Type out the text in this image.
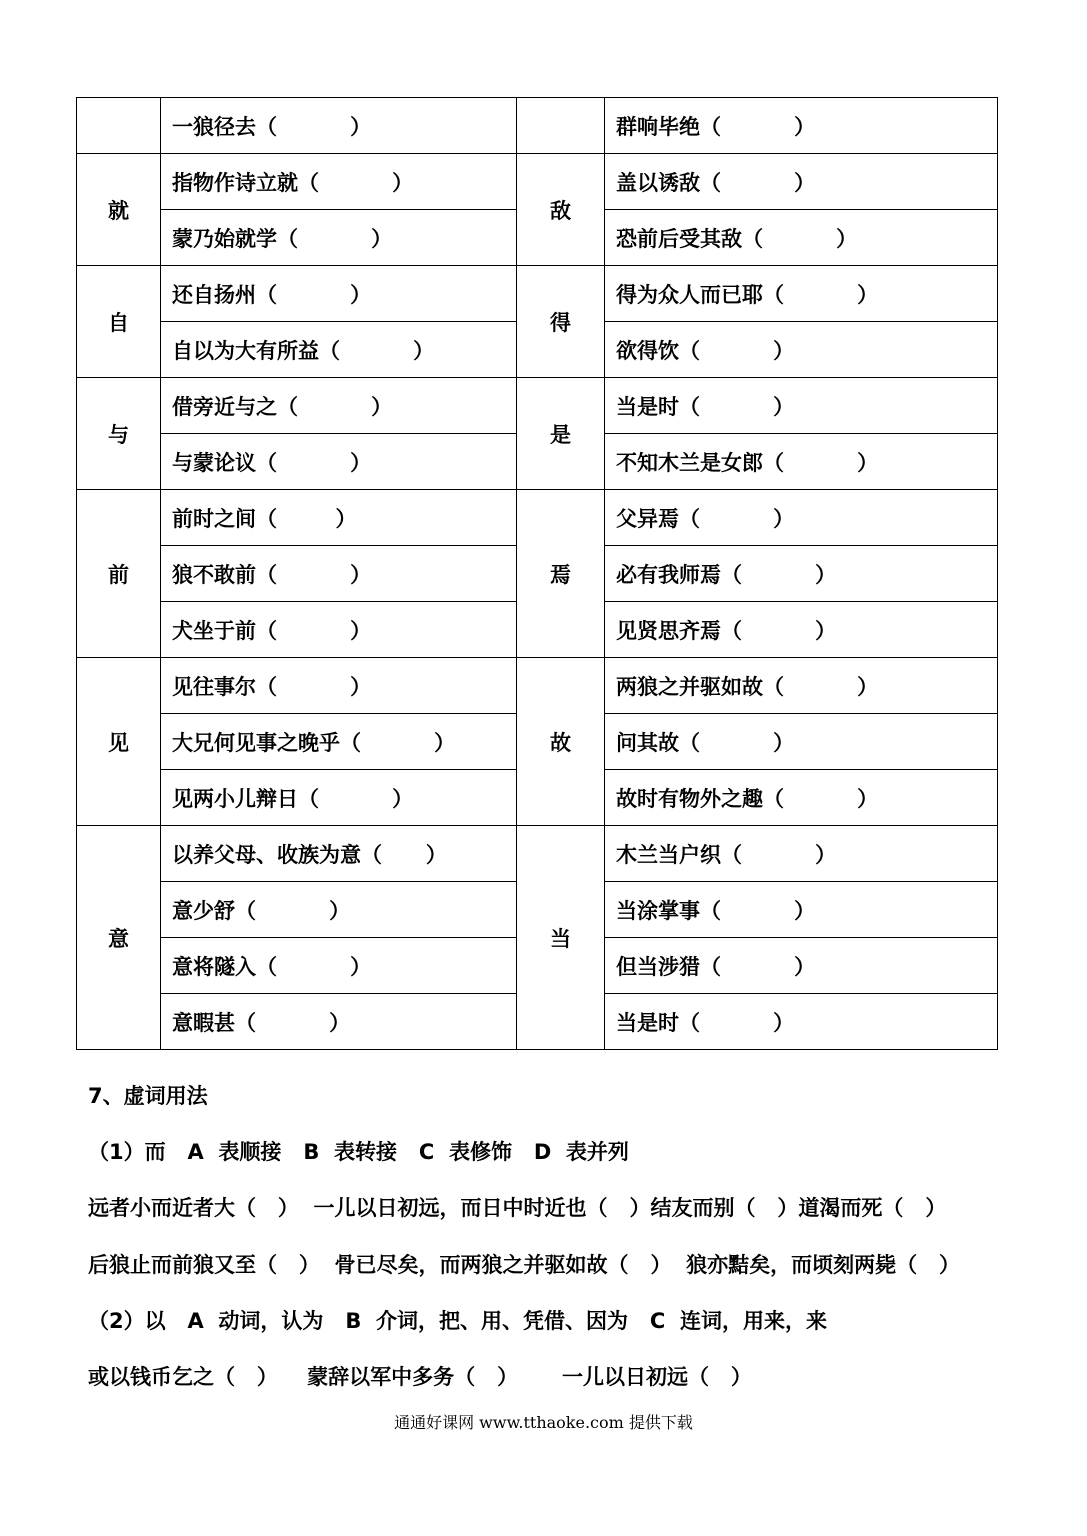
	一狼径去（          ）		群响毕绝（          ）
就	指物作诗立就（          ）	敌	盖以诱敌（          ）
	蒙乃始就学（          ）		恐前后受其敌（          ）
自	还自扬州（          ）	得	得为众人而已耶（          ）
	自以为大有所益（          ）		欲得饮（          ）
与	借旁近与之（          ）	是	当是时（          ）
	与蒙论议（          ）		不知木兰是女郎（          ）
前	前时之间（        ）	焉	父异焉（          ）
	狼不敢前（          ）		必有我师焉（          ）
	犬坐于前（          ）		见贤思齐焉（          ）
见	见往事尔（          ）	故	两狼之并驱如故（          ）
	大兄何见事之晚乎（          ）		问其故（          ）
	见两小儿辩日（          ）		故时有物外之趣（          ）
意	以养父母、收族为意（      ）	当	木兰当户织（          ）
	意少舒（          ）		当涂掌事（          ）
	意将隧入（          ）		但当涉猎（          ）
	意暇甚（          ）		当是时（          ）
7、虚词用法
（1）而   A  表顺接   B  表转接   C  表修饰   D  表并列
远者小而近者大（   ）  一儿以日初远，而日中时近也（   ）结友而别（   ）道渴而死（   ）
后狼止而前狼又至（   ）  骨已尽矣，而两狼之并驱如故（   ）  狼亦黠矣，而顷刻两毙（   ）
（2）以   A  动词，认为   B  介词，把、用、凭借、因为   C  连词，用来，来
或以钱币乞之（   ）    蒙辞以军中多务（   ）      一儿以日初远（   ）
通通好课网 www.tthaoke.com 提供下载
